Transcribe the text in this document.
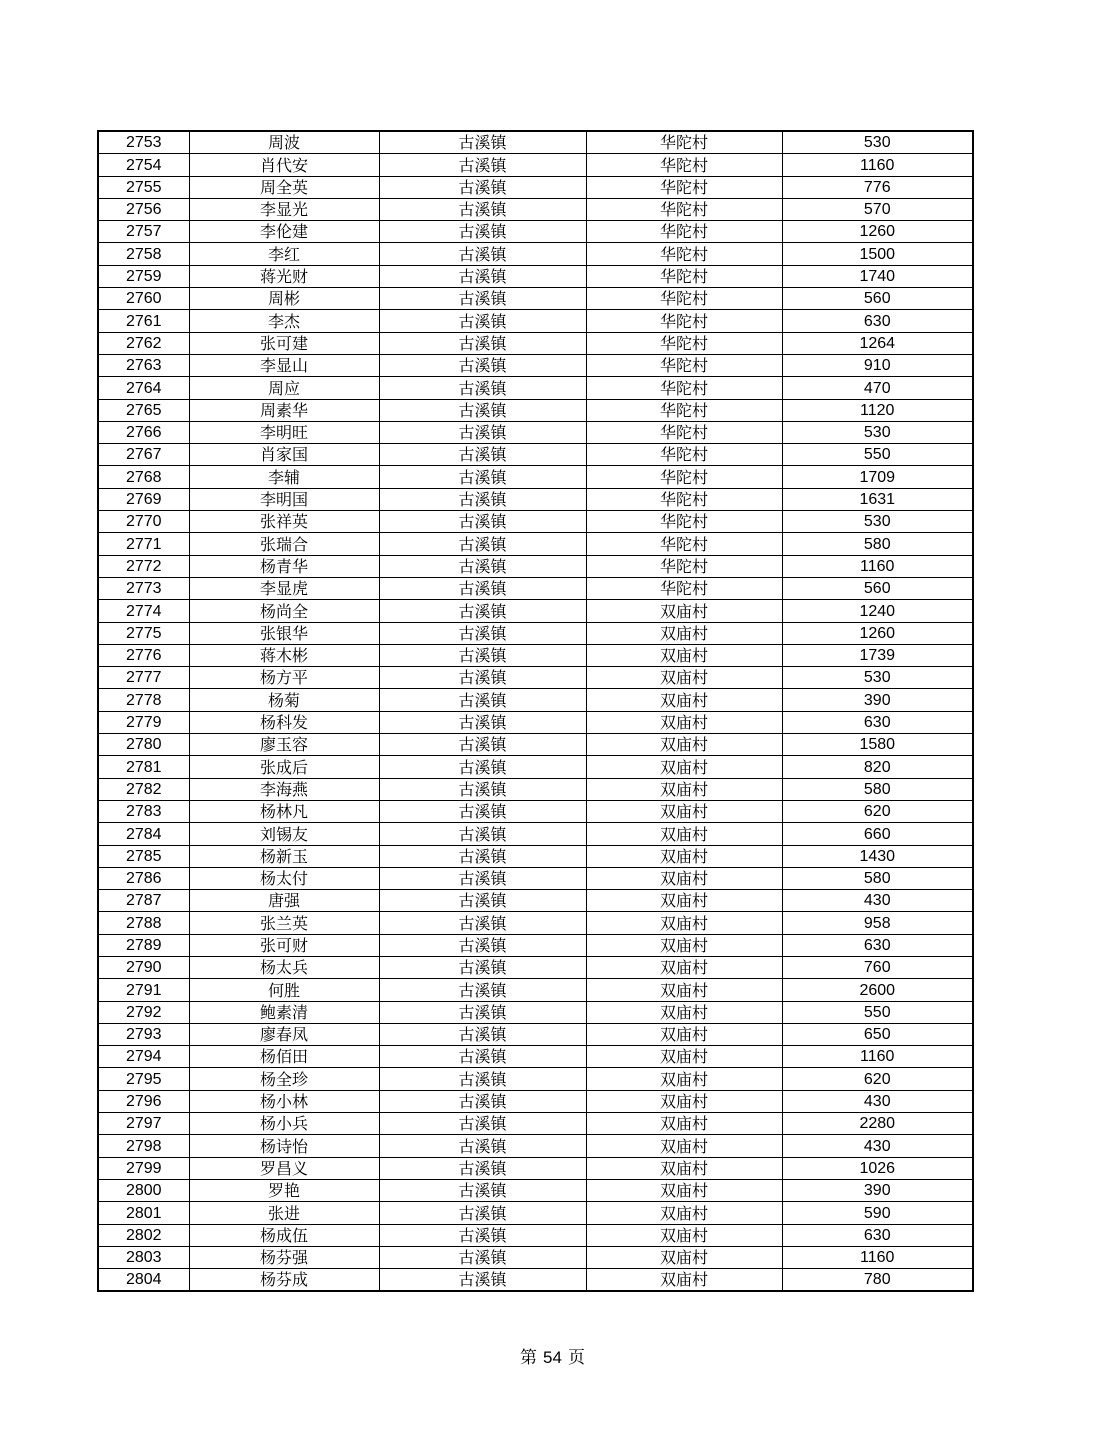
2753	周波	古溪镇	华陀村	530
2754	肖代安	古溪镇	华陀村	1160
2755	周全英	古溪镇	华陀村	776
2756	李显光	古溪镇	华陀村	570
2757	李伦建	古溪镇	华陀村	1260
2758	李红	古溪镇	华陀村	1500
2759	蒋光财	古溪镇	华陀村	1740
2760	周彬	古溪镇	华陀村	560
2761	李杰	古溪镇	华陀村	630
2762	张可建	古溪镇	华陀村	1264
2763	李显山	古溪镇	华陀村	910
2764	周应	古溪镇	华陀村	470
2765	周素华	古溪镇	华陀村	1120
2766	李明旺	古溪镇	华陀村	530
2767	肖家国	古溪镇	华陀村	550
2768	李辅	古溪镇	华陀村	1709
2769	李明国	古溪镇	华陀村	1631
2770	张祥英	古溪镇	华陀村	530
2771	张瑞合	古溪镇	华陀村	580
2772	杨青华	古溪镇	华陀村	1160
2773	李显虎	古溪镇	华陀村	560
2774	杨尚全	古溪镇	双庙村	1240
2775	张银华	古溪镇	双庙村	1260
2776	蒋木彬	古溪镇	双庙村	1739
2777	杨方平	古溪镇	双庙村	530
2778	杨菊	古溪镇	双庙村	390
2779	杨科发	古溪镇	双庙村	630
2780	廖玉容	古溪镇	双庙村	1580
2781	张成后	古溪镇	双庙村	820
2782	李海燕	古溪镇	双庙村	580
2783	杨林凡	古溪镇	双庙村	620
2784	刘锡友	古溪镇	双庙村	660
2785	杨新玉	古溪镇	双庙村	1430
2786	杨太付	古溪镇	双庙村	580
2787	唐强	古溪镇	双庙村	430
2788	张兰英	古溪镇	双庙村	958
2789	张可财	古溪镇	双庙村	630
2790	杨太兵	古溪镇	双庙村	760
2791	何胜	古溪镇	双庙村	2600
2792	鲍素清	古溪镇	双庙村	550
2793	廖春凤	古溪镇	双庙村	650
2794	杨佰田	古溪镇	双庙村	1160
2795	杨全珍	古溪镇	双庙村	620
2796	杨小林	古溪镇	双庙村	430
2797	杨小兵	古溪镇	双庙村	2280
2798	杨诗怡	古溪镇	双庙村	430
2799	罗昌义	古溪镇	双庙村	1026
2800	罗艳	古溪镇	双庙村	390
2801	张进	古溪镇	双庙村	590
2802	杨成伍	古溪镇	双庙村	630
2803	杨芬强	古溪镇	双庙村	1160
2804	杨芬成	古溪镇	双庙村	780
第 54 页
